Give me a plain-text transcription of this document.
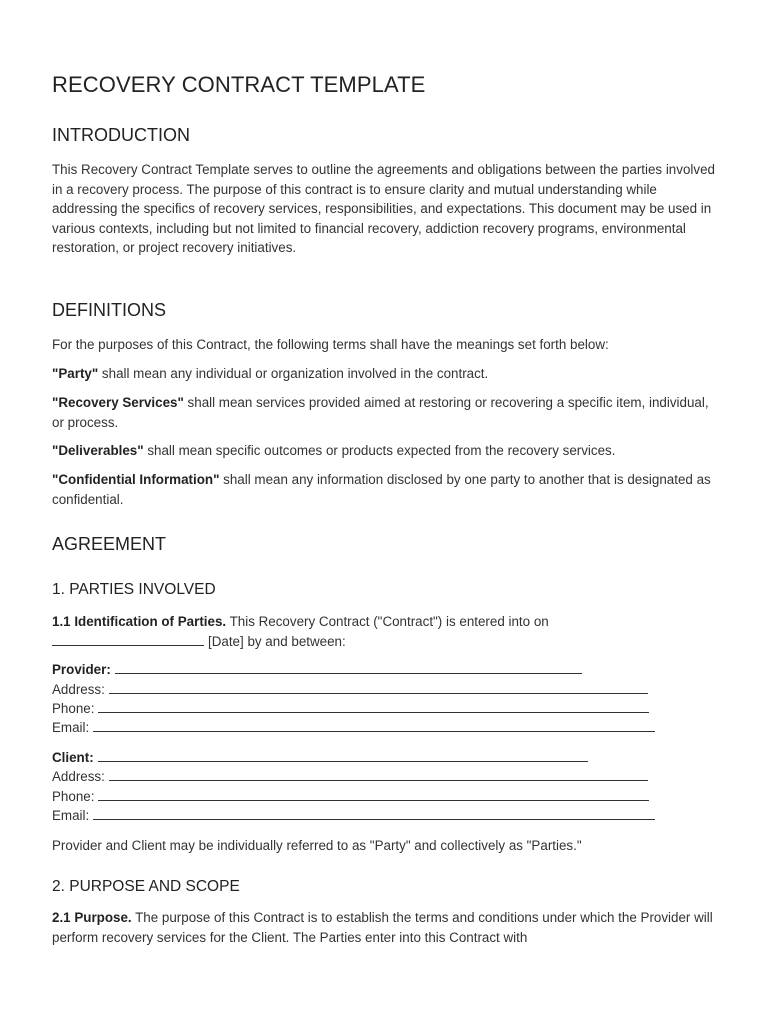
RECOVERY CONTRACT TEMPLATE
INTRODUCTION

This Recovery Contract Template serves to outline the agreements and obligations between the parties involved in a recovery process. The purpose of this contract is to ensure clarity and mutual understanding while addressing the specifics of recovery services, responsibilities, and expectations. This document may be used in various contexts, including but not limited to financial recovery, addiction recovery programs, environmental restoration, or project recovery initiatives.

DEFINITIONS

For the purposes of this Contract, the following terms shall have the meanings set forth below:

"Party" shall mean any individual or organization involved in the contract.

"Recovery Services" shall mean services provided aimed at restoring or recovering a specific item, individual, or process.

"Deliverables" shall mean specific outcomes or products expected from the recovery services.

"Confidential Information" shall mean any information disclosed by one party to another that is designated as confidential.

AGREEMENT
1. PARTIES INVOLVED

1.1 Identification of Parties. This Recovery Contract ("Contract") is entered into on
[Date] by and between:

Provider:

Address:

Phone:

Email:

Client:

Address:

Phone:

Email:

Provider and Client may be individually referred to as "Party" and collectively as "Parties."

2. PURPOSE AND SCOPE

2.1 Purpose. The purpose of this Contract is to establish the terms and conditions under which the Provider will perform recovery services for the Client. The Parties enter into this Contract with
